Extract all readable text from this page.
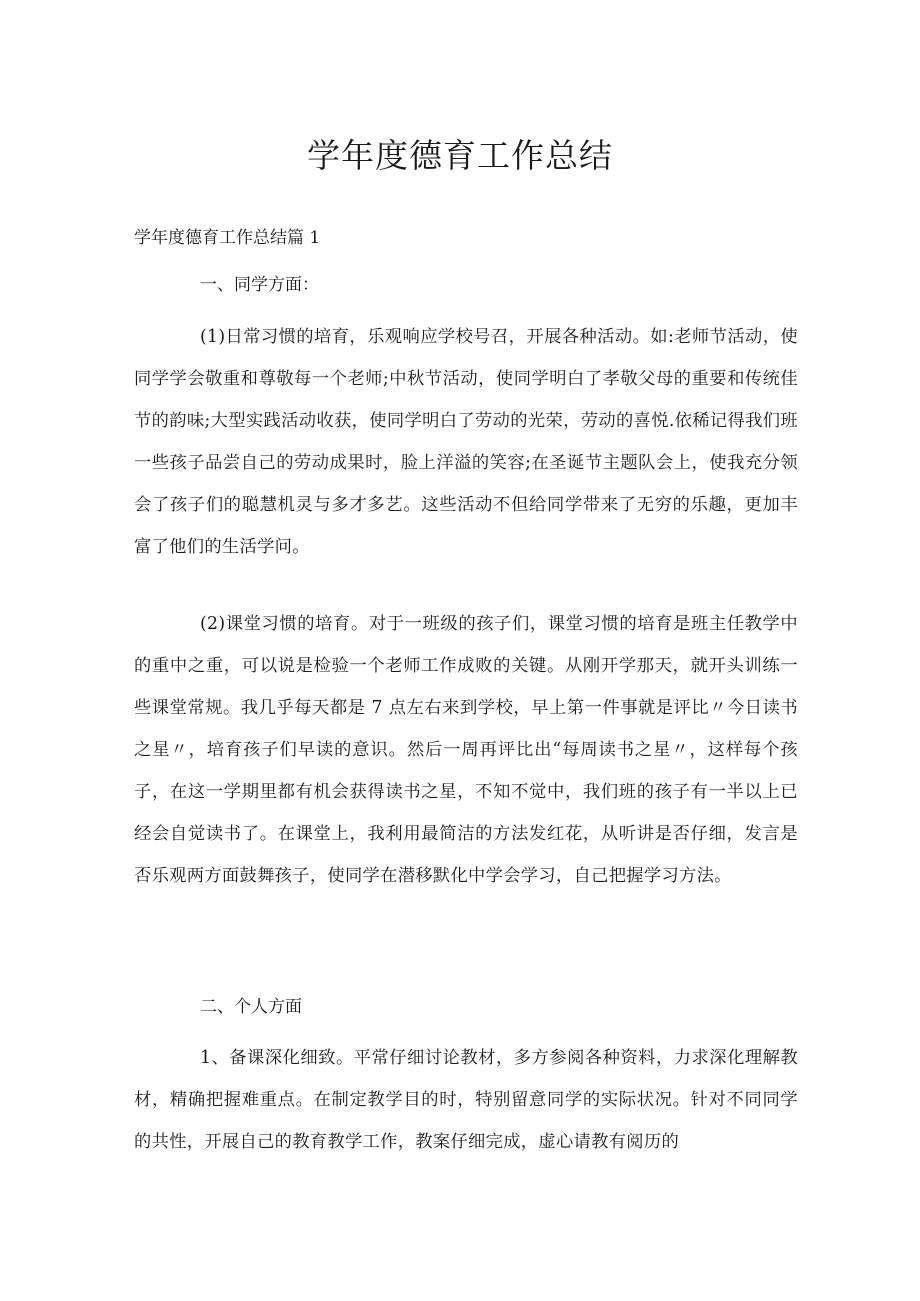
学年度德育工作总结

学年度德育工作总结篇 1

一、同学方面：

(1)日常习惯的培育，乐观响应学校号召，开展各种活动。如:老师节活动，使同学学会敬重和尊敬每一个老师;中秋节活动，使同学明白了孝敬父母的重要和传统佳节的韵味;大型实践活动收获，使同学明白了劳动的光荣，劳动的喜悦.依稀记得我们班一些孩子品尝自己的劳动成果时，脸上洋溢的笑容;在圣诞节主题队会上，使我充分领会了孩子们的聪慧机灵与多才多艺。这些活动不但给同学带来了无穷的乐趣，更加丰富了他们的生活学问。

(2)课堂习惯的培育。对于一班级的孩子们，课堂习惯的培育是班主任教学中的重中之重，可以说是检验一个老师工作成败的关键。从刚开学那天，就开头训练一些课堂常规。我几乎每天都是 7 点左右来到学校，早上第一件事就是评比〃今日读书之星〃，培育孩子们早读的意识。然后一周再评比出“每周读书之星〃，这样每个孩子，在这一学期里都有机会获得读书之星，不知不觉中，我们班的孩子有一半以上已经会自觉读书了。在课堂上，我利用最简洁的方法发红花，从听讲是否仔细，发言是否乐观两方面鼓舞孩子，使同学在潜移默化中学会学习，自己把握学习方法。

二、个人方面

1、备课深化细致。平常仔细讨论教材，多方参阅各种资料，力求深化理解教材，精确把握难重点。在制定教学目的时，特别留意同学的实际状况。针对不同同学的共性，开展自己的教育教学工作，教案仔细完成，虚心请教有阅历的
